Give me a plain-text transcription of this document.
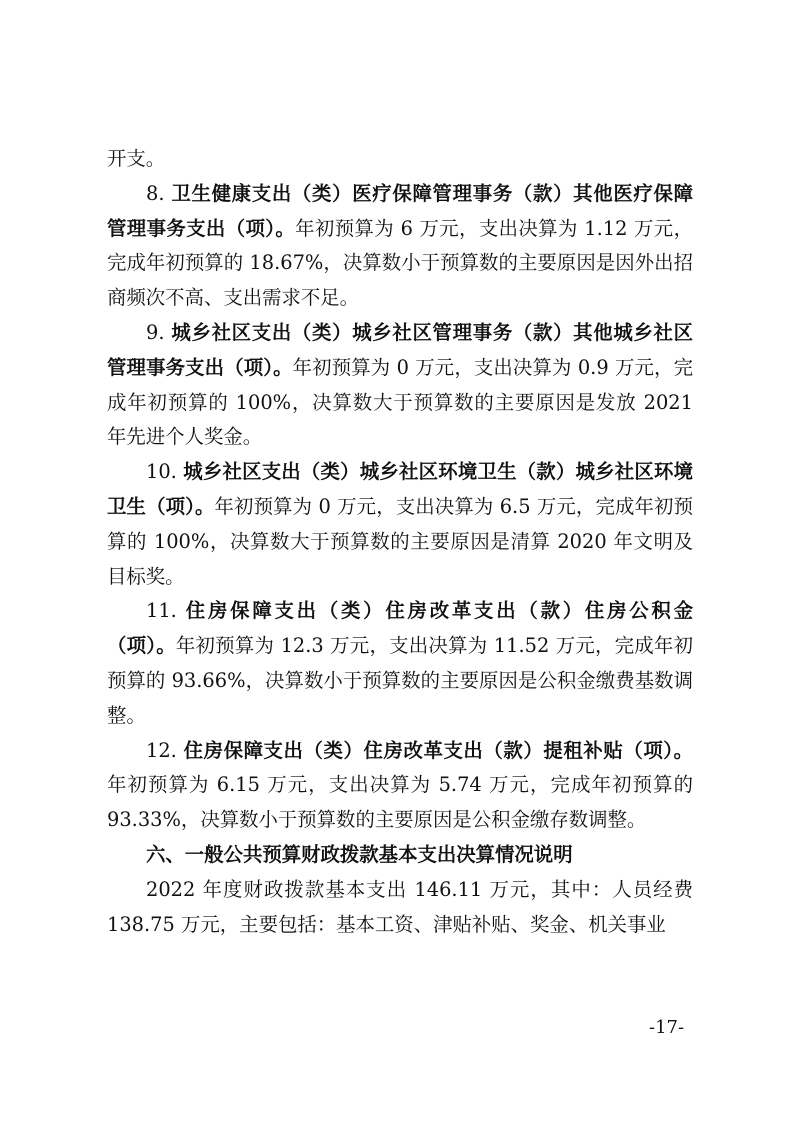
开支。

8. 卫生健康支出（类）医疗保障管理事务（款）其他医疗保障管理事务支出（项）。年初预算为 6 万元，支出决算为 1.12 万元，完成年初预算的 18.67%，决算数小于预算数的主要原因是因外出招商频次不高、支出需求不足。

9. 城乡社区支出（类）城乡社区管理事务（款）其他城乡社区管理事务支出（项）。年初预算为 0 万元，支出决算为 0.9 万元，完成年初预算的 100%，决算数大于预算数的主要原因是发放 2021 年先进个人奖金。

10. 城乡社区支出（类）城乡社区环境卫生（款）城乡社区环境卫生（项）。年初预算为 0 万元，支出决算为 6.5 万元，完成年初预算的 100%，决算数大于预算数的主要原因是清算 2020 年文明及目标奖。

11. 住房保障支出（类）住房改革支出（款）住房公积金（项）。年初预算为 12.3 万元，支出决算为 11.52 万元，完成年初预算的 93.66%，决算数小于预算数的主要原因是公积金缴费基数调整。

12. 住房保障支出（类）住房改革支出（款）提租补贴（项）。年初预算为 6.15 万元，支出决算为 5.74 万元，完成年初预算的 93.33%，决算数小于预算数的主要原因是公积金缴存数调整。

六、一般公共预算财政拨款基本支出决算情况说明

2022 年度财政拨款基本支出 146.11 万元，其中：人员经费 138.75 万元，主要包括：基本工资、津贴补贴、奖金、机关事业

-17-
